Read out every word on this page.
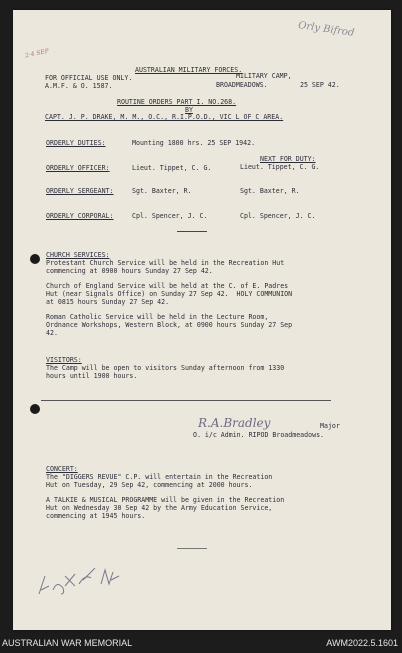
Orly Bifrod
2·4 SEP
AUSTRALIAN MILITARY FORCES.
FOR OFFICIAL USE ONLY.
A.M.F. & O. 1587.
MILITARY CAMP,
BROADMEADOWS.	25 SEP 42.
ROUTINE ORDERS PART I. NO.268.
BY
CAPT. J. P. DRAKE, M. M., O.C., R.I.P.O.D., VIC L OF C AREA.
ORDERLY DUTIES:	Mounting 1800 hrs. 25 SEP 1942.
NEXT FOR DUTY:
ORDERLY OFFICER:	Lieut. Tippet, C. G.	Lieut. Tippet, C. G.
ORDERLY SERGEANT:	Sgt. Baxter, R.	Sgt. Baxter, R.
ORDERLY CORPORAL:	Cpl. Spencer, J. C.	Cpl. Spencer, J. C.
CHURCH SERVICES:
Protestant Church Service will be held in the Recreation Hut
commencing at 0900 hours Sunday 27 Sep 42.
Church of England Service will be held at the C. of E. Padres
Hut (near Signals Office) on Sunday 27 Sep 42.  HOLY COMMUNION
at 0815 hours Sunday 27 Sep 42.
Roman Catholic Service will be held in the Lecture Room,
Ordnance Workshops, Western Block, at 0900 hours Sunday 27 Sep
42.
VISITORS:
The Camp will be open to visitors Sunday afternoon from 1330
hours until 1900 hours.
R.A.Bradley	Major
O. i/c Admin. RIPOD Broadmeadows.
CONCERT:
The "DIGGERS REVUE" C.P. will entertain in the Recreation
Hut on Tuesday, 29 Sep 42, commencing at 2000 hours.
A TALKIE & MUSICAL PROGRAMME will be given in the Recreation
Hut on Wednesday 30 Sep 42 by the Army Education Service,
commencing at 1945 hours.
AUSTRALIAN WAR MEMORIAL	AWM2022.5.1601
